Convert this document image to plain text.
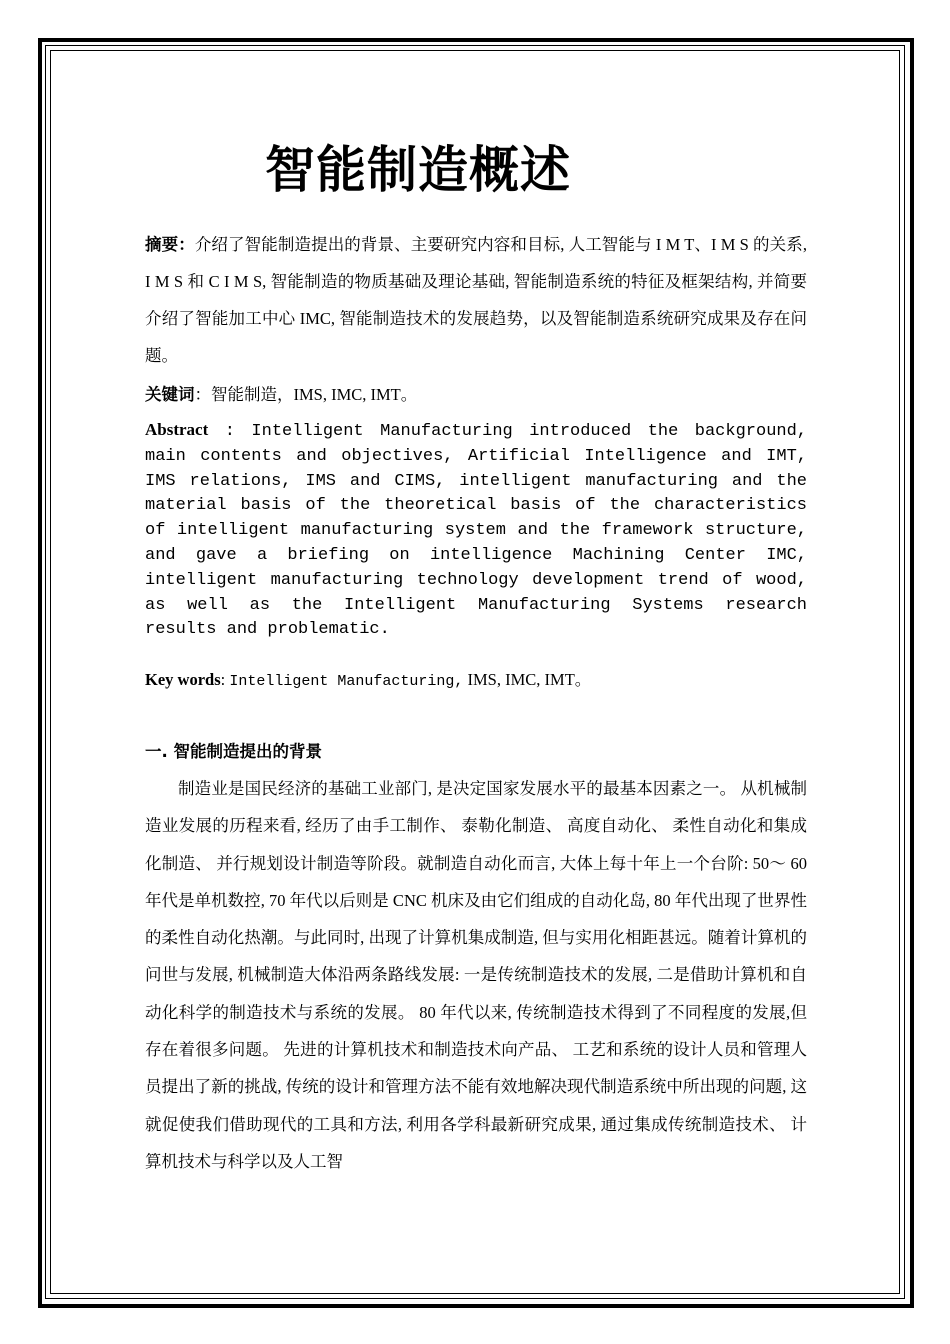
智能制造概述
摘要：介绍了智能制造提出的背景、主要研究内容和目标, 人工智能与 I M T、I M S 的关系, I M S 和 C I M S, 智能制造的物质基础及理论基础, 智能制造系统的特征及框架结构, 并简要介绍了智能加工中心 IMC, 智能制造技术的发展趋势，以及智能制造系统研究成果及存在问题。
关键词：智能制造，IMS, IMC, IMT。
Abstract : Intelligent Manufacturing introduced the background, main contents and objectives, Artificial Intelligence and IMT, IMS relations, IMS and CIMS, intelligent manufacturing and the material basis of the theoretical basis of the characteristics of intelligent manufacturing system and the framework structure, and gave a briefing on intelligence Machining Center IMC, intelligent manufacturing technology development trend of wood, as well as the Intelligent Manufacturing Systems research results and problematic.
Key words: Intelligent Manufacturing, IMS, IMC, IMT。
一. 智能制造提出的背景

制造业是国民经济的基础工业部门, 是决定国家发展水平的最基本因素之一。 从机械制造业发展的历程来看, 经历了由手工制作、 泰勒化制造、 高度自动化、 柔性自动化和集成化制造、 并行规划设计制造等阶段。就制造自动化而言, 大体上每十年上一个台阶: 50～ 60 年代是单机数控, 70 年代以后则是 CNC 机床及由它们组成的自动化岛, 80 年代出现了世界性的柔性自动化热潮。与此同时, 出现了计算机集成制造, 但与实用化相距甚远。随着计算机的问世与发展, 机械制造大体沿两条路线发展: 一是传统制造技术的发展, 二是借助计算机和自动化科学的制造技术与系统的发展。 80 年代以来, 传统制造技术得到了不同程度的发展,但存在着很多问题。 先进的计算机技术和制造技术向产品、 工艺和系统的设计人员和管理人员提出了新的挑战, 传统的设计和管理方法不能有效地解决现代制造系统中所出现的问题, 这就促使我们借助现代的工具和方法, 利用各学科最新研究成果, 通过集成传统制造技术、 计算机技术与科学以及人工智
